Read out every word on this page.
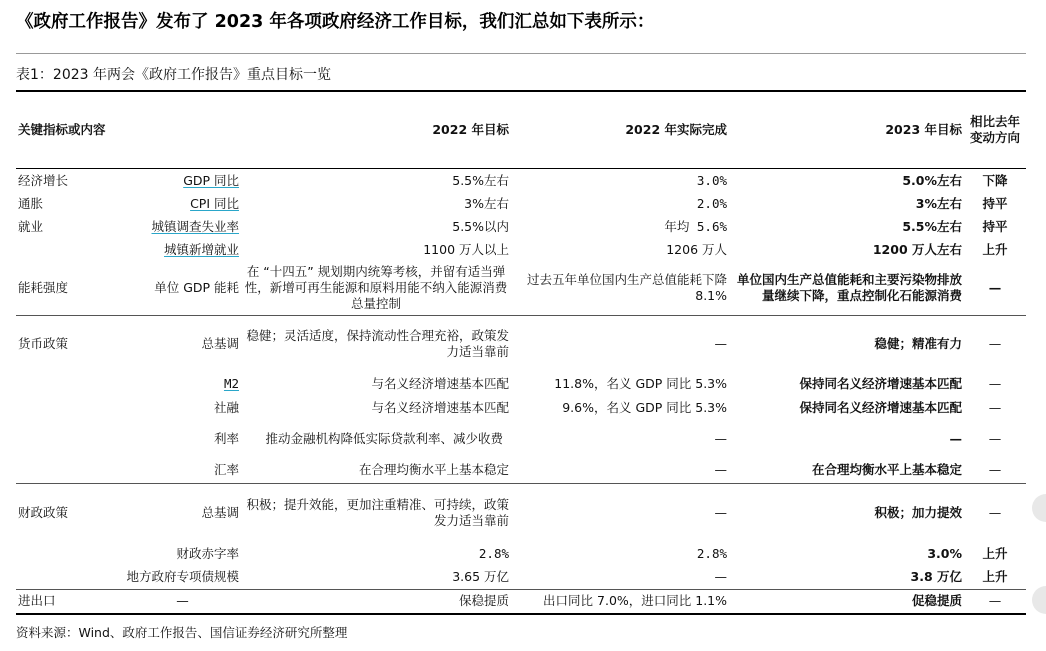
《政府工作报告》发布了 2023 年各项政府经济工作目标，我们汇总如下表所示：
表1：2023 年两会《政府工作报告》重点目标一览
关键指标或内容		2022 年目标	2022 年实际完成	2023 年目标	相比去年变动方向
经济增长	GDP 同比	5.5%左右	3.0%	5.0%左右	下降
通胀	CPI 同比	3%左右	2.0%	3%左右	持平
就业	城镇调查失业率	5.5%以内	年均 5.6%	5.5%左右	持平
	城镇新增就业	1100 万人以上	1206 万人	1200 万人左右	上升
能耗强度	单位 GDP 能耗	在 “十四五” 规划期内统筹考核，并留有适当弹性，新增可再生能源和原料用能不纳入能源消费总量控制	过去五年单位国内生产总值能耗下降 8.1%	单位国内生产总值能耗和主要污染物排放量继续下降，重点控制化石能源消费	—
货币政策	总基调	稳健；灵活适度，保持流动性合理充裕，政策发力适当靠前	—	稳健；精准有力	—
	M2	与名义经济增速基本匹配	11.8%，名义 GDP 同比 5.3%	保持同名义经济增速基本匹配	—
	社融	与名义经济增速基本匹配	9.6%，名义 GDP 同比 5.3%	保持同名义经济增速基本匹配	—
	利率	推动金融机构降低实际贷款利率、减少收费	—	—	—
	汇率	在合理均衡水平上基本稳定	—	在合理均衡水平上基本稳定	—
财政政策	总基调	积极；提升效能，更加注重精准、可持续，政策发力适当靠前	—	积极；加力提效	—
	财政赤字率	2.8%	2.8%	3.0%	上升
	地方政府专项债规模	3.65 万亿	—	3.8 万亿	上升
进出口	—	保稳提质	出口同比 7.0%，进口同比 1.1%	促稳提质	—
资料来源：Wind、政府工作报告、国信证券经济研究所整理
